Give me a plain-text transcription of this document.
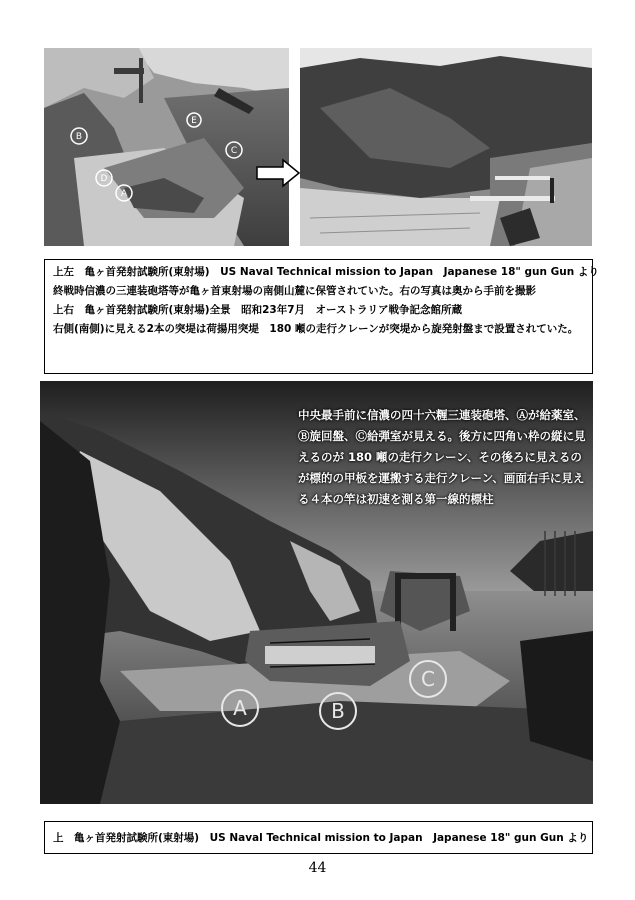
A
B
C
D
E
上左　亀ヶ首発射試験所(東射場)　US Naval Technical mission to Japan　Japanese 18" gun Gun より
終戦時信濃の三連装砲塔等が亀ヶ首東射場の南側山麓に保管されていた。右の写真は奥から手前を撮影
上右　亀ヶ首発射試験所(東射場)全景　昭和23年7月　オーストラリア戦争記念館所蔵
右側(南側)に見える2本の突堤は荷揚用突堤　180 噸の走行クレーンが突堤から旋発射盤まで設置されていた。
A	B
C
中央最手前に信濃の四十六糎三連装砲塔、Ⓐが給薬室、Ⓑ旋回盤、Ⓒ給弾室が見える。後方に四角い枠の縦に見えるのが 180 噸の走行クレーン、その後ろに見えるのが標的の甲板を運搬する走行クレーン、画面右手に見える４本の竿は初速を測る第一線的標柱
上　亀ヶ首発射試験所(東射場)　US Naval Technical mission to Japan　Japanese 18" gun Gun より
44
